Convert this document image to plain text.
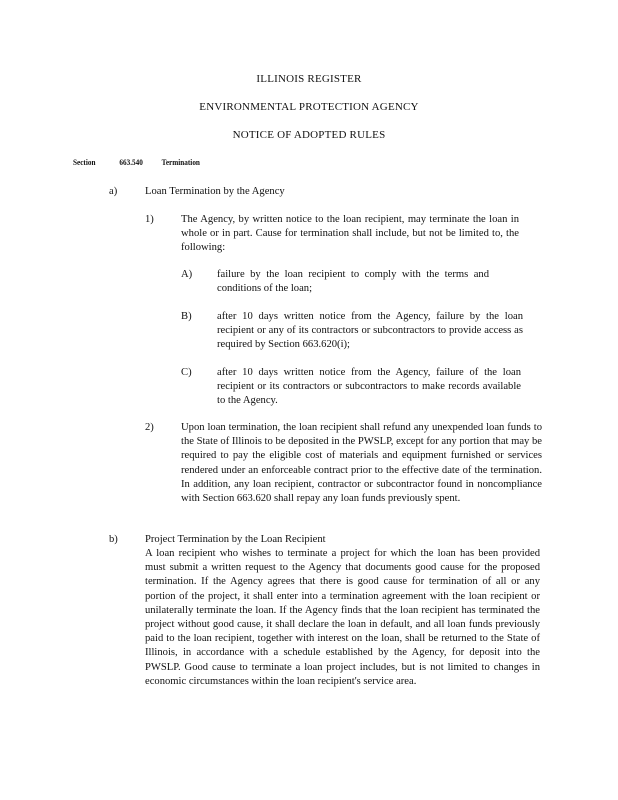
ILLINOIS REGISTER
ENVIRONMENTAL PROTECTION AGENCY
NOTICE OF ADOPTED RULES
Section	663.540 Termination
a)	Loan Termination by the Agency
1)	The Agency, by written notice to the loan recipient, may terminate the loan in whole or in part. Cause for termination shall include, but not be limited to, the following:
A) failure by the loan recipient to comply with the terms and conditions of the loan;
B) after 10 days written notice from the Agency, failure by the loan recipient or any of its contractors or subcontractors to provide access as required by Section 663.620(i);
C) after 10 days written notice from the Agency, failure of the loan recipient or its contractors or subcontractors to make records available to the Agency.
2)	Upon loan termination, the loan recipient shall refund any unexpended loan funds to the State of Illinois to be deposited in the PWSLP, except for any portion that may be required to pay the eligible cost of materials and equipment furnished or services rendered under an enforceable contract prior to the effective date of the termination. In addition, any loan recipient, contractor or subcontractor found in noncompliance with Section 663.620 shall repay any loan funds previously spent.
b)	Project Termination by the Loan Recipient
A loan recipient who wishes to terminate a project for which the loan has been provided must submit a written request to the Agency that documents good cause for the proposed termination. If the Agency agrees that there is good cause for termination of all or any portion of the project, it shall enter into a termination agreement with the loan recipient or unilaterally terminate the loan. If the Agency finds that the loan recipient has terminated the project without good cause, it shall declare the loan in default, and all loan funds previously paid to the loan recipient, together with interest on the loan, shall be returned to the State of Illinois, in accordance with a schedule established by the Agency, for deposit into the PWSLP. Good cause to terminate a loan project includes, but is not limited to changes in economic circumstances within the loan recipient's service area.
